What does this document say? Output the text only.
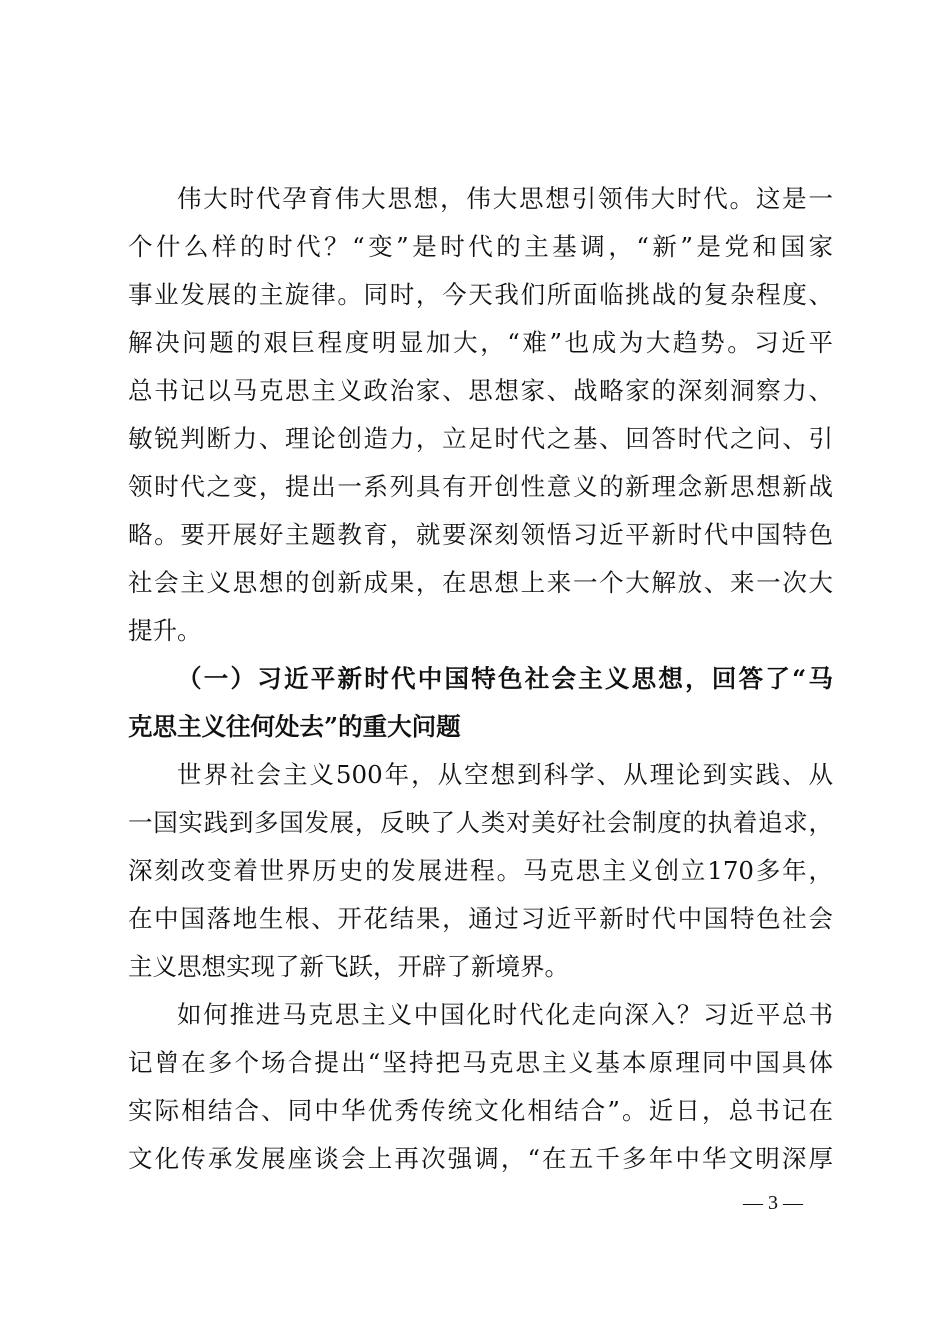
伟大时代孕育伟大思想，伟大思想引领伟大时代。这是一
个什么样的时代？“变”是时代的主基调，“新”是党和国家
事业发展的主旋律。同时，今天我们所面临挑战的复杂程度、
解决问题的艰巨程度明显加大，“难”也成为大趋势。习近平
总书记以马克思主义政治家、思想家、战略家的深刻洞察力、
敏锐判断力、理论创造力，立足时代之基、回答时代之问、引
领时代之变，提出一系列具有开创性意义的新理念新思想新战
略。要开展好主题教育，就要深刻领悟习近平新时代中国特色
社会主义思想的创新成果，在思想上来一个大解放、来一次大
提升。
（一）习近平新时代中国特色社会主义思想，回答了“马
克思主义往何处去”的重大问题
世界社会主义500年，从空想到科学、从理论到实践、从
一国实践到多国发展，反映了人类对美好社会制度的执着追求，
深刻改变着世界历史的发展进程。马克思主义创立170多年，
在中国落地生根、开花结果，通过习近平新时代中国特色社会
主义思想实现了新飞跃，开辟了新境界。
如何推进马克思主义中国化时代化走向深入？习近平总书
记曾在多个场合提出“坚持把马克思主义基本原理同中国具体
实际相结合、同中华优秀传统文化相结合”。近日，总书记在
文化传承发展座谈会上再次强调，“在五千多年中华文明深厚
— 3 —
